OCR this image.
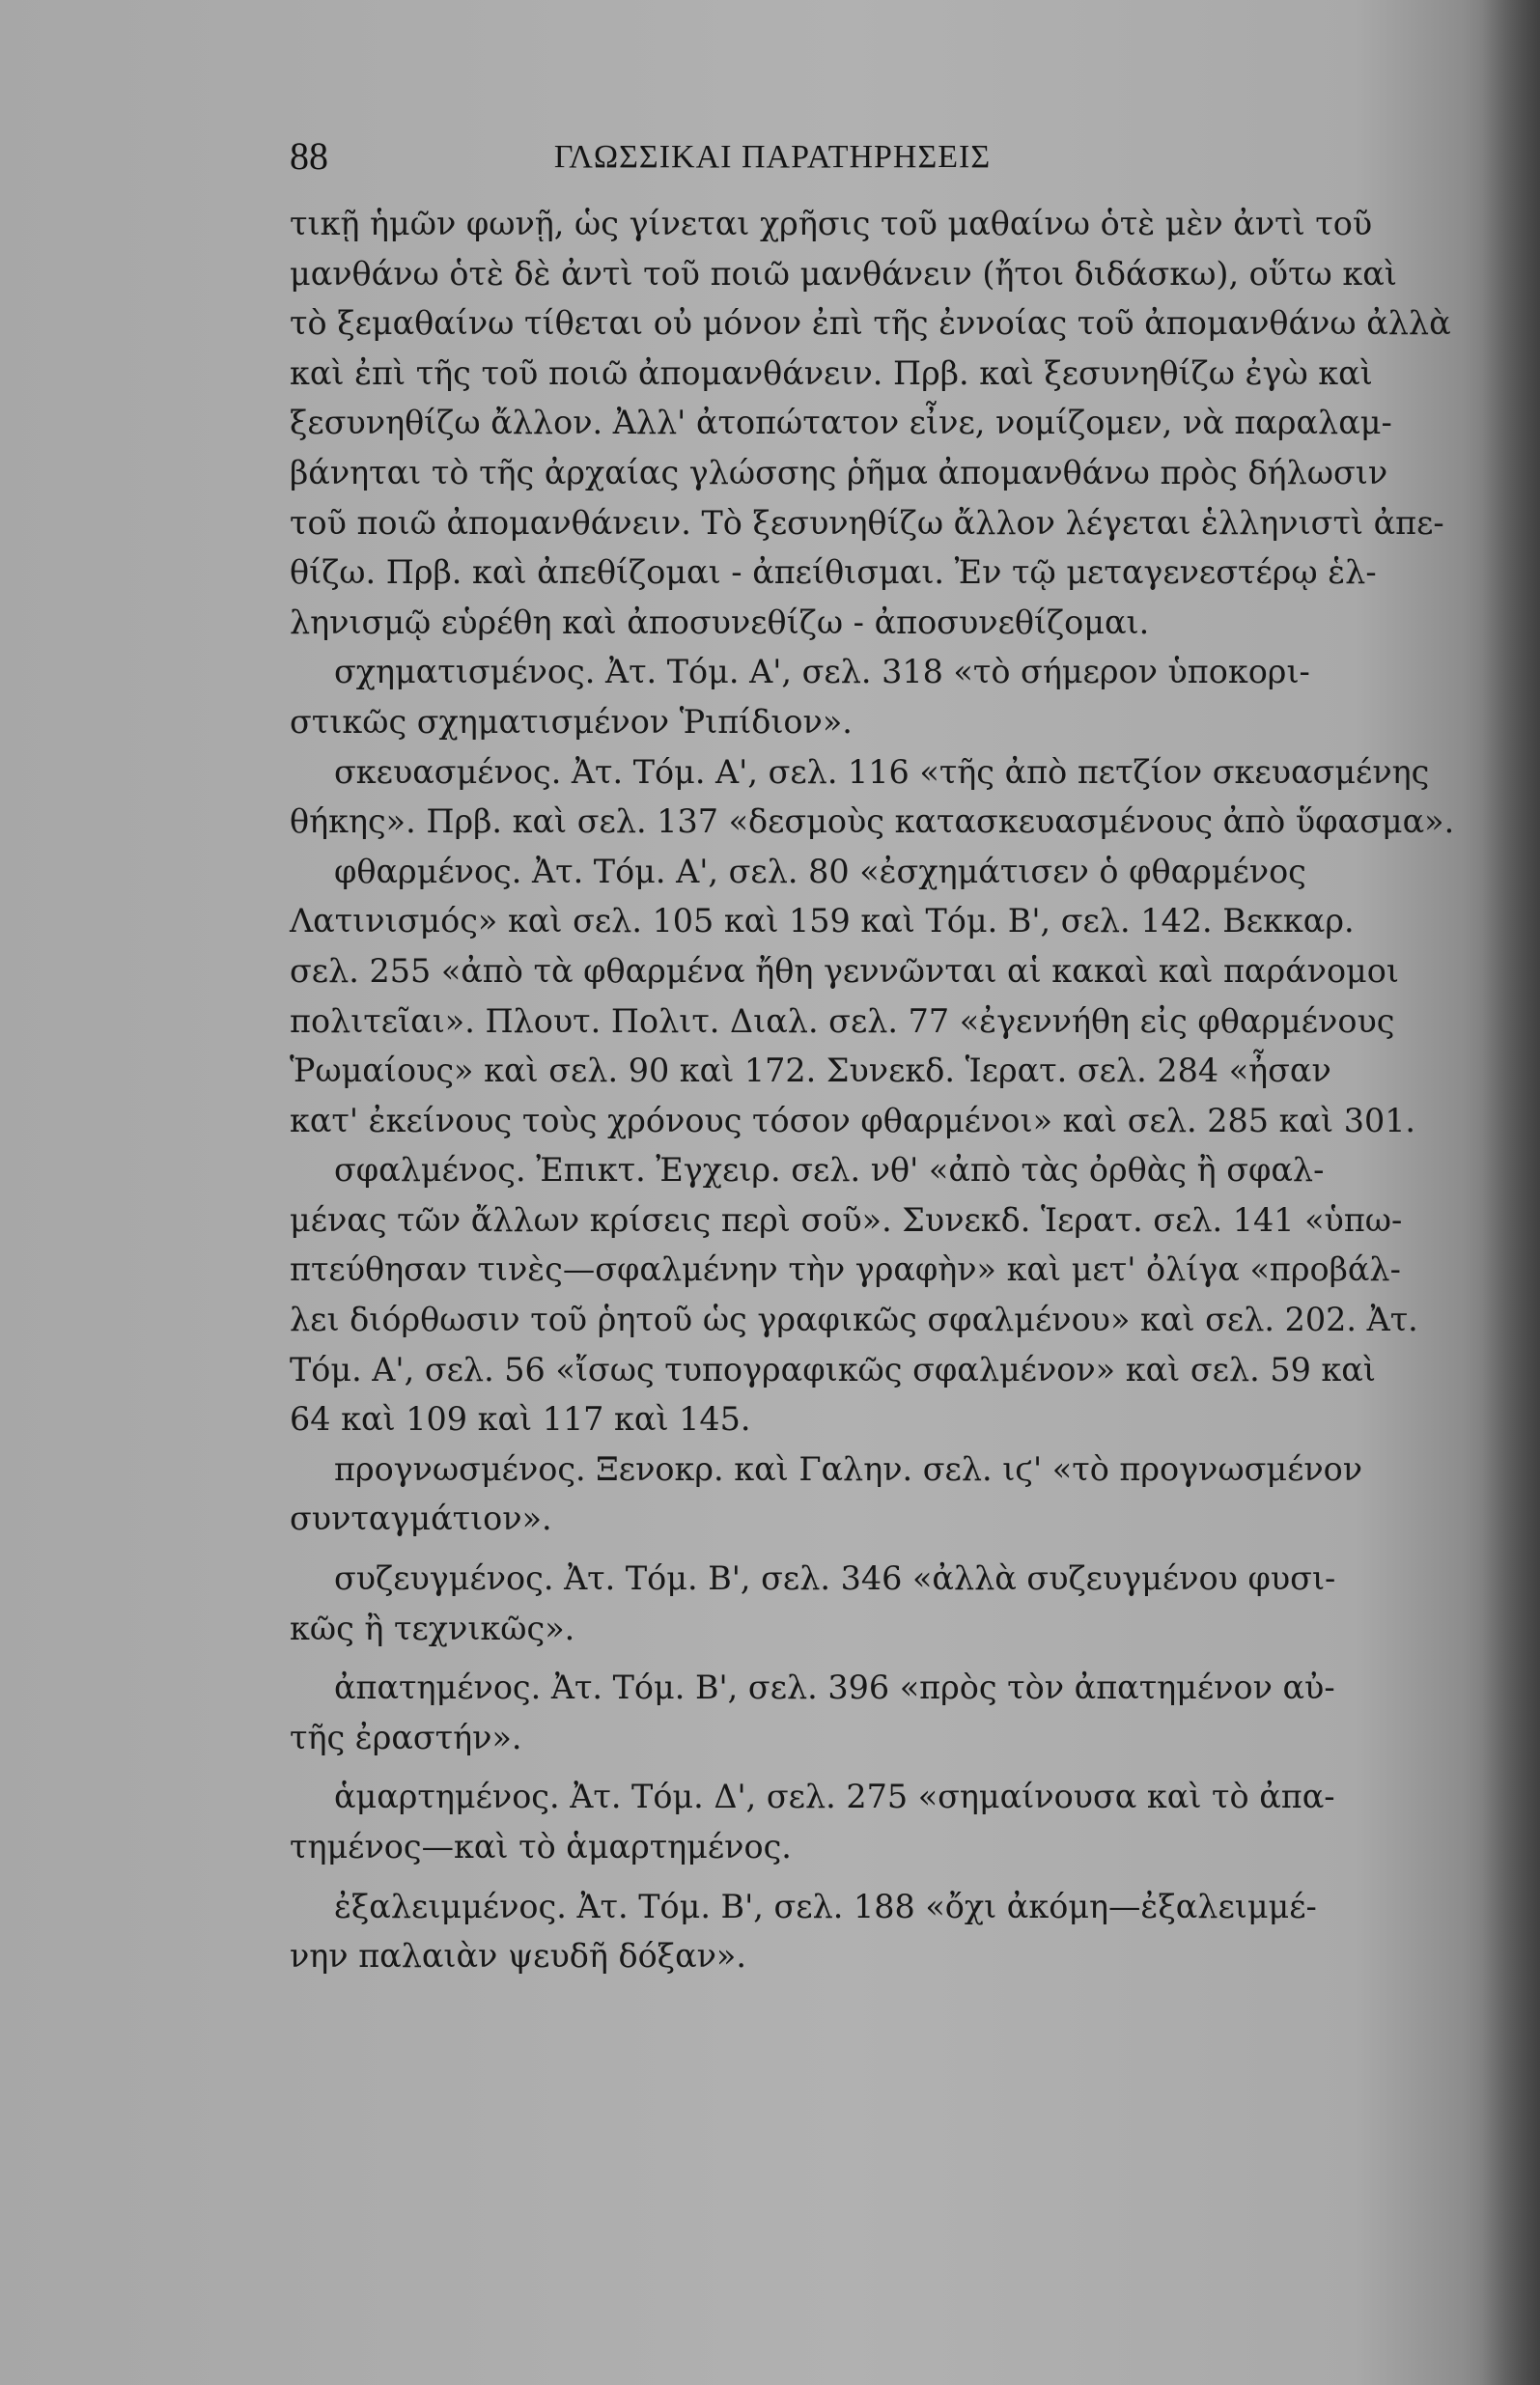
88	ΓΛΩΣΣΙΚΑΙ ΠΑΡΑΤΗΡΗΣΕΙΣ
τικῇ ἡμῶν φωνῇ, ὡς γίνεται χρῆσις τοῦ μαθαίνω ὁτὲ μὲν ἀντὶ τοῦ
μανθάνω ὁτὲ δὲ ἀντὶ τοῦ ποιῶ μανθάνειν (ἤτοι διδάσκω), οὕτω καὶ
τὸ ξεμαθαίνω τίθεται οὐ μόνον ἐπὶ τῆς ἐννοίας τοῦ ἀπομανθάνω ἀλλὰ
καὶ ἐπὶ τῆς τοῦ ποιῶ ἀπομανθάνειν. Πρβ. καὶ ξεσυνηθίζω ἐγὼ καὶ
ξεσυνηθίζω ἄλλον. Ἀλλ' ἀτοπώτατον εἶνε, νομίζομεν, νὰ παραλαμ-
βάνηται τὸ τῆς ἀρχαίας γλώσσης ῥῆμα ἀπομανθάνω πρὸς δήλωσιν
τοῦ ποιῶ ἀπομανθάνειν. Τὸ ξεσυνηθίζω ἄλλον λέγεται ἑλληνιστὶ ἀπε-
θίζω. Πρβ. καὶ ἀπεθίζομαι - ἀπείθισμαι. Ἐν τῷ μεταγενεστέρῳ ἑλ-
ληνισμῷ εὑρέθη καὶ ἀποσυνεθίζω - ἀποσυνεθίζομαι.
σχηματισμένος. Ἀτ. Τόμ. Α', σελ. 318 «τὸ σήμερον ὑποκορι-
στικῶς σχηματισμένον Ῥιπίδιον».
σκευασμένος. Ἀτ. Τόμ. Α', σελ. 116 «τῆς ἀπὸ πετζίον σκευασμένης
θήκης». Πρβ. καὶ σελ. 137 «δεσμοὺς κατασκευασμένους ἀπὸ ὕφασμα».
φθαρμένος. Ἀτ. Τόμ. Α', σελ. 80 «ἐσχημάτισεν ὁ φθαρμένος
Λατινισμός» καὶ σελ. 105 καὶ 159 καὶ Τόμ. Β', σελ. 142. Βεκκαρ.
σελ. 255 «ἀπὸ τὰ φθαρμένα ἤθη γεννῶνται αἱ κακαὶ καὶ παράνομοι
πολιτεῖαι». Πλουτ. Πολιτ. Διαλ. σελ. 77 «ἐγεννήθη εἰς φθαρμένους
Ῥωμαίους» καὶ σελ. 90 καὶ 172. Συνεκδ. Ἱερατ. σελ. 284 «ἦσαν
κατ' ἐκείνους τοὺς χρόνους τόσον φθαρμένοι» καὶ σελ. 285 καὶ 301.
σφαλμένος. Ἐπικτ. Ἐγχειρ. σελ. νθ' «ἀπὸ τὰς ὀρθὰς ἢ σφαλ-
μένας τῶν ἄλλων κρίσεις περὶ σοῦ». Συνεκδ. Ἱερατ. σελ. 141 «ὑπω-
πτεύθησαν τινὲς—σφαλμένην τὴν γραφὴν» καὶ μετ' ὀλίγα «προβάλ-
λει διόρθωσιν τοῦ ῥητοῦ ὡς γραφικῶς σφαλμένου» καὶ σελ. 202. Ἀτ.
Τόμ. Α', σελ. 56 «ἴσως τυπογραφικῶς σφαλμένον» καὶ σελ. 59 καὶ
64 καὶ 109 καὶ 117 καὶ 145.
προγνωσμένος. Ξενοκρ. καὶ Γαλην. σελ. ιϛ' «τὸ προγνωσμένον
συνταγμάτιον».
συζευγμένος. Ἀτ. Τόμ. Β', σελ. 346 «ἀλλὰ συζευγμένου φυσι-
κῶς ἢ τεχνικῶς».
ἀπατημένος. Ἀτ. Τόμ. Β', σελ. 396 «πρὸς τὸν ἀπατημένον αὐ-
τῆς ἐραστήν».
ἁμαρτημένος. Ἀτ. Τόμ. Δ', σελ. 275 «σημαίνουσα καὶ τὸ ἀπα-
τημένος—καὶ τὸ ἁμαρτημένος.
ἐξαλειμμένος. Ἀτ. Τόμ. Β', σελ. 188 «ὄχι ἀκόμη—ἐξαλειμμέ-
νην παλαιὰν ψευδῆ δόξαν».
